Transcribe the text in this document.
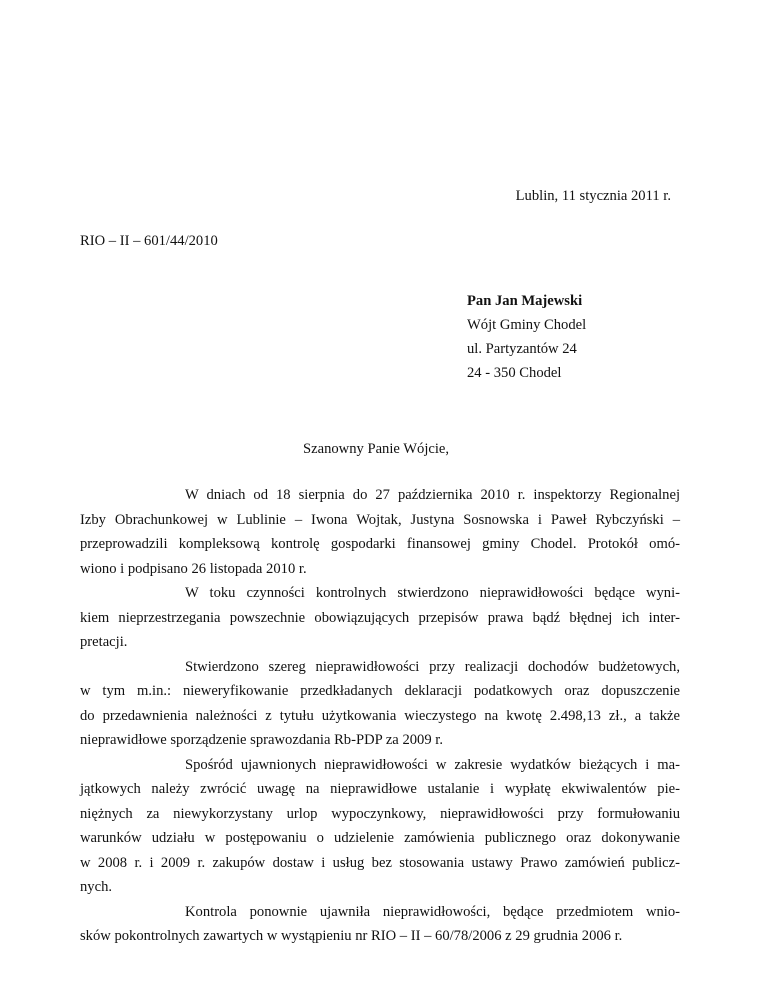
Lublin, 11 stycznia 2011 r.
RIO – II – 601/44/2010
Pan Jan Majewski
Wójt Gminy Chodel
ul. Partyzantów 24
24 - 350 Chodel
Szanowny Panie Wójcie,
W dniach od 18 sierpnia do 27 października 2010 r. inspektorzy Regionalnej
Izby Obrachunkowej w Lublinie – Iwona Wojtak, Justyna Sosnowska i Paweł Rybczyński –
przeprowadzili kompleksową kontrolę gospodarki finansowej gminy Chodel. Protokół omó-
wiono i podpisano 26 listopada 2010 r.
W toku czynności kontrolnych stwierdzono nieprawidłowości będące wyni-
kiem nieprzestrzegania powszechnie obowiązujących przepisów prawa bądź błędnej ich inter-
pretacji.
Stwierdzono szereg nieprawidłowości przy realizacji dochodów budżetowych,
w tym m.in.: nieweryfikowanie przedkładanych deklaracji podatkowych oraz dopuszczenie
do przedawnienia należności z tytułu użytkowania wieczystego na kwotę 2.498,13 zł., a także
nieprawidłowe sporządzenie sprawozdania Rb-PDP za 2009 r.
Spośród ujawnionych nieprawidłowości w zakresie wydatków bieżących i ma-
jątkowych należy zwrócić uwagę na nieprawidłowe ustalanie i wypłatę ekwiwalentów pie-
niężnych za niewykorzystany urlop wypoczynkowy, nieprawidłowości przy formułowaniu
warunków udziału w postępowaniu o udzielenie zamówienia publicznego oraz dokonywanie
w 2008 r. i 2009 r. zakupów dostaw i usług bez stosowania ustawy Prawo zamówień publicz-
nych.
Kontrola ponownie ujawniła nieprawidłowości, będące przedmiotem wnio-
sków pokontrolnych zawartych w wystąpieniu nr RIO – II – 60/78/2006 z 29 grudnia 2006 r.
